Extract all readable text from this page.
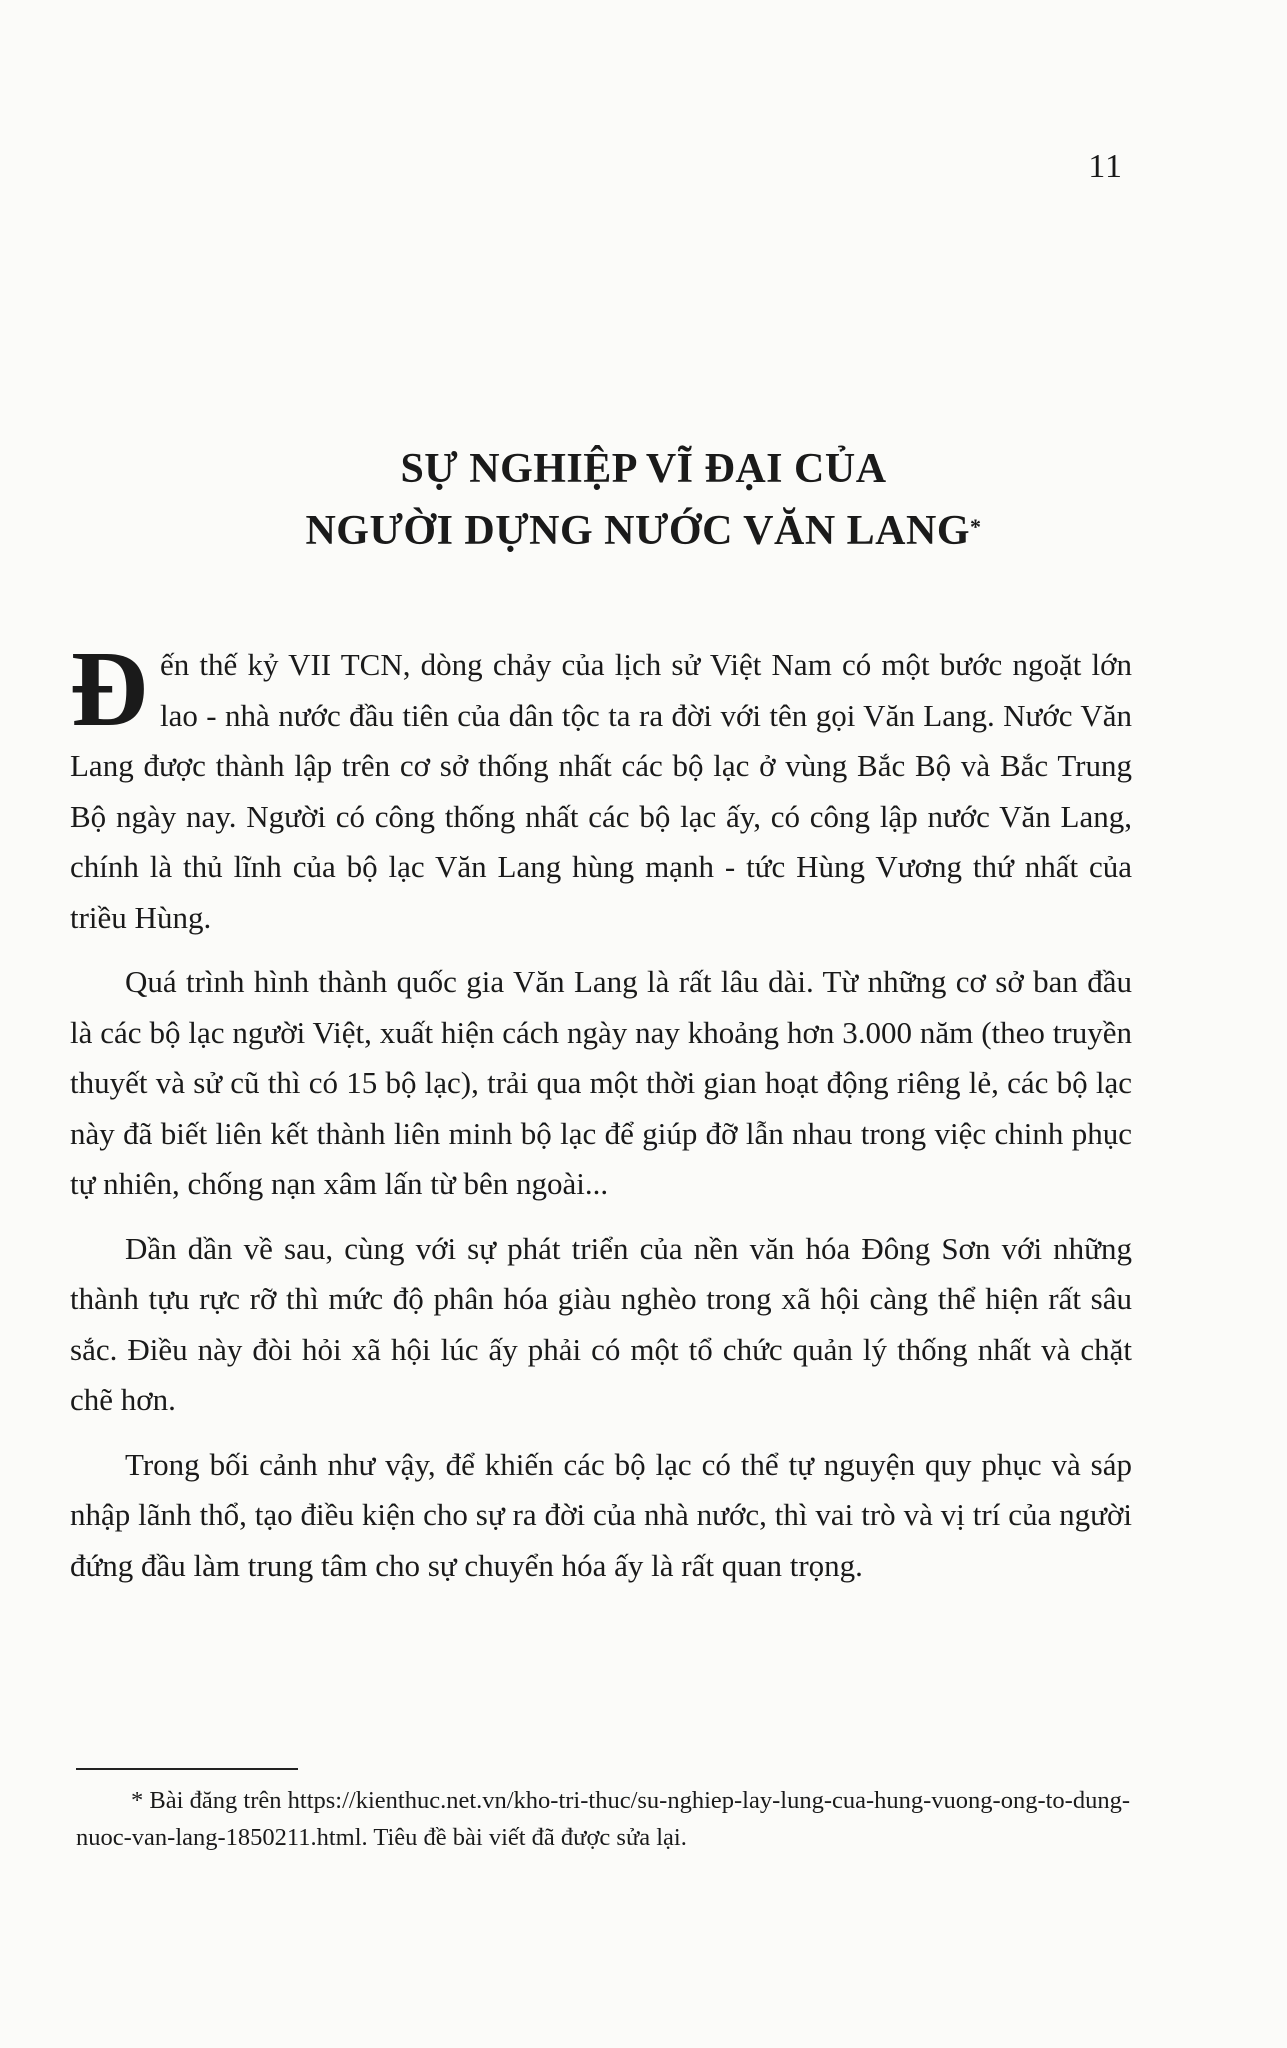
11
SỰ NGHIỆP VĨ ĐẠI CỦA
NGƯỜI DỰNG NƯỚC VĂN LANG*

Đến thế kỷ VII TCN, dòng chảy của lịch sử Việt Nam có một bước ngoặt lớn lao - nhà nước đầu tiên của dân tộc ta ra đời với tên gọi Văn Lang. Nước Văn Lang được thành lập trên cơ sở thống nhất các bộ lạc ở vùng Bắc Bộ và Bắc Trung Bộ ngày nay. Người có công thống nhất các bộ lạc ấy, có công lập nước Văn Lang, chính là thủ lĩnh của bộ lạc Văn Lang hùng mạnh - tức Hùng Vương thứ nhất của triều Hùng.

Quá trình hình thành quốc gia Văn Lang là rất lâu dài. Từ những cơ sở ban đầu là các bộ lạc người Việt, xuất hiện cách ngày nay khoảng hơn 3.000 năm (theo truyền thuyết và sử cũ thì có 15 bộ lạc), trải qua một thời gian hoạt động riêng lẻ, các bộ lạc này đã biết liên kết thành liên minh bộ lạc để giúp đỡ lẫn nhau trong việc chinh phục tự nhiên, chống nạn xâm lấn từ bên ngoài...

Dần dần về sau, cùng với sự phát triển của nền văn hóa Đông Sơn với những thành tựu rực rỡ thì mức độ phân hóa giàu nghèo trong xã hội càng thể hiện rất sâu sắc. Điều này đòi hỏi xã hội lúc ấy phải có một tổ chức quản lý thống nhất và chặt chẽ hơn.

Trong bối cảnh như vậy, để khiến các bộ lạc có thể tự nguyện quy phục và sáp nhập lãnh thổ, tạo điều kiện cho sự ra đời của nhà nước, thì vai trò và vị trí của người đứng đầu làm trung tâm cho sự chuyển hóa ấy là rất quan trọng.

* Bài đăng trên https://kienthuc.net.vn/kho-tri-thuc/su-nghiep-lay-lung-cua-hung-vuong-ong-to-dung-nuoc-van-lang-1850211.html. Tiêu đề bài viết đã được sửa lại.
